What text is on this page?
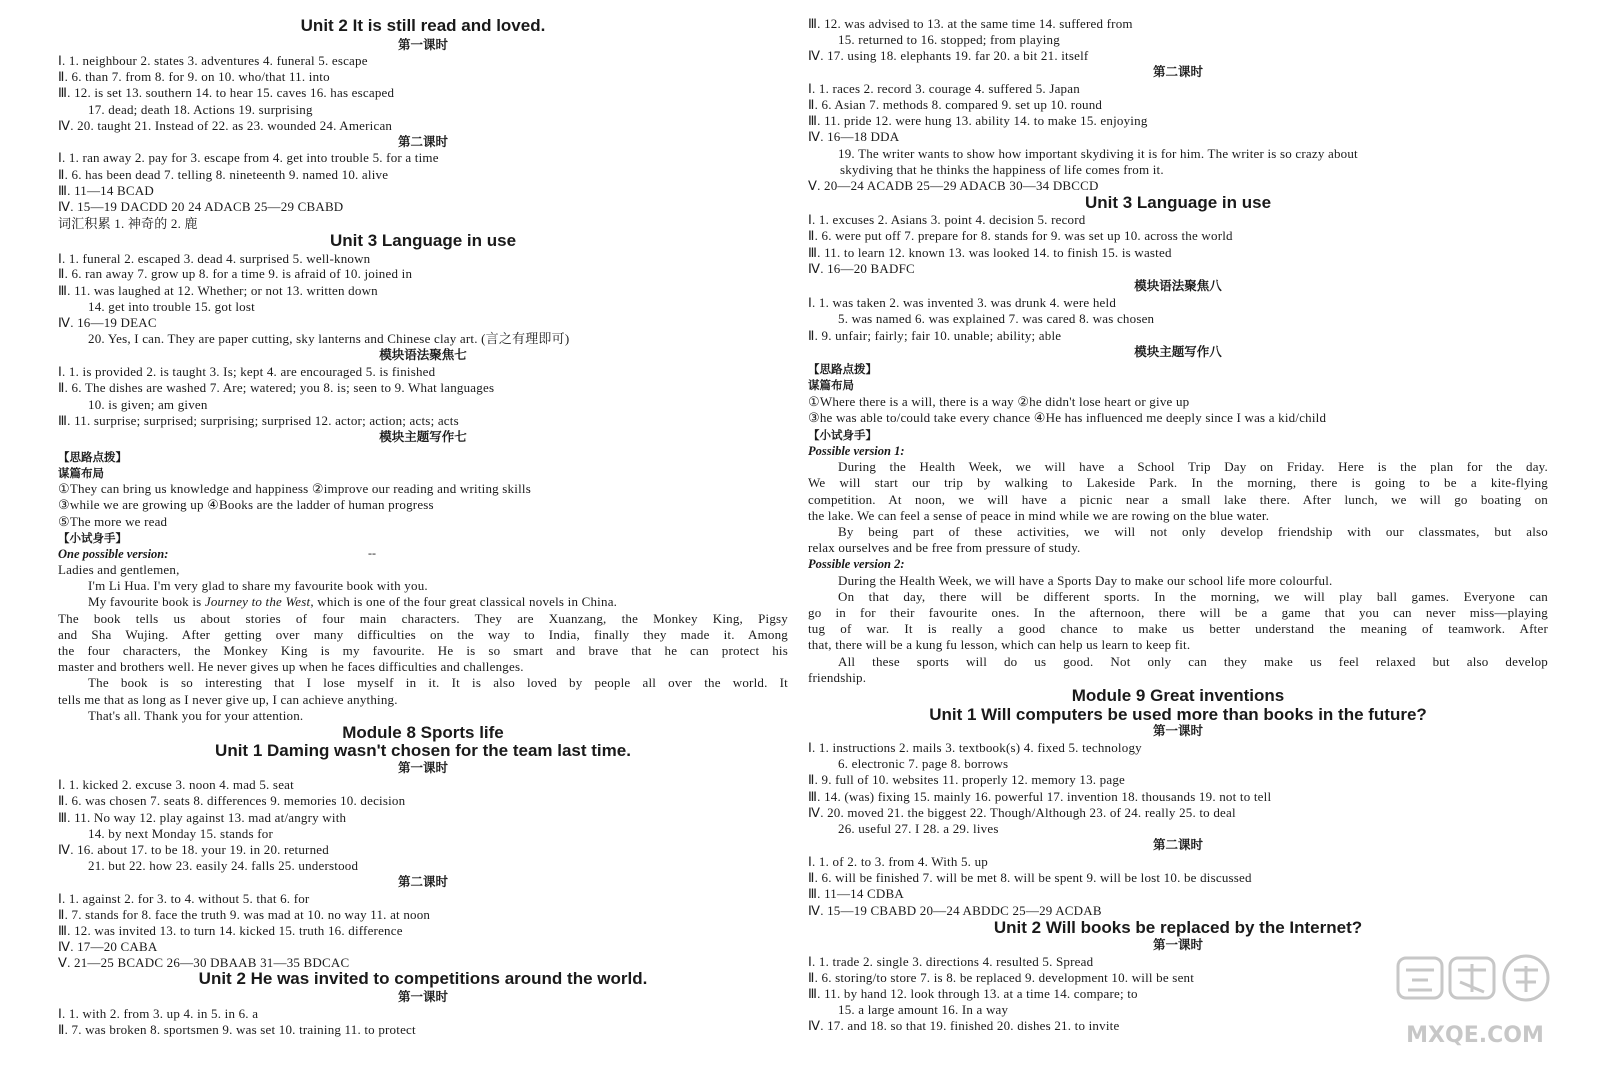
Unit 2 It is still read and loved.
第一课时
Ⅰ. 1. neighbour 2. states 3. adventures 4. funeral 5. escape
Ⅱ. 6. than 7. from 8. for 9. on 10. who/that 11. into
Ⅲ. 12. is set 13. southern 14. to hear 15. caves 16. has escaped
17. dead; death 18. Actions 19. surprising
Ⅳ. 20. taught 21. Instead of 22. as 23. wounded 24. American
第二课时
Ⅰ. 1. ran away 2. pay for 3. escape from 4. get into trouble 5. for a time
Ⅱ. 6. has been dead 7. telling 8. nineteenth 9. named 10. alive
Ⅲ. 11—14 BCAD
Ⅳ. 15—19 DACDD 20 24 ADACB 25—29 CBABD
词汇积累 1. 神奇的 2. 鹿
Unit 3 Language in use
Ⅰ. 1. funeral 2. escaped 3. dead 4. surprised 5. well-known
Ⅱ. 6. ran away 7. grow up 8. for a time 9. is afraid of 10. joined in
Ⅲ. 11. was laughed at 12. Whether; or not 13. written down
14. get into trouble 15. got lost
Ⅳ. 16—19 DEAC
20. Yes, I can. They are paper cutting, sky lanterns and Chinese clay art. (言之有理即可)
模块语法聚焦七
Ⅰ. 1. is provided 2. is taught 3. Is; kept 4. are encouraged 5. is finished
Ⅱ. 6. The dishes are washed 7. Are; watered; you 8. is; seen to 9. What languages
10. is given; am given
Ⅲ. 11. surprise; surprised; surprising; surprised 12. actor; action; acts; acts
模块主题写作七
【思路点拨】
谋篇布局
①They can bring us knowledge and happiness ②improve our reading and writing skills
③while we are growing up ④Books are the ladder of human progress
⑤The more we read
【小试身手】
One possible version:	--
Ladies and gentlemen,
I'm Li Hua. I'm very glad to share my favourite book with you.
My favourite book is Journey to the West, which is one of the four great classical novels in China.
The book tells us about stories of four main characters. They are Xuanzang, the Monkey King, Pigsy
and Sha Wujing. After getting over many difficulties on the way to India, finally they made it. Among
the four characters, the Monkey King is my favourite. He is so smart and brave that he can protect his
master and brothers well. He never gives up when he faces difficulties and challenges.
The book is so interesting that I lose myself in it. It is also loved by people all over the world. It
tells me that as long as I never give up, I can achieve anything.
That's all. Thank you for your attention.
Module 8 Sports life
Unit 1 Daming wasn't chosen for the team last time.
第一课时
Ⅰ. 1. kicked 2. excuse 3. noon 4. mad 5. seat
Ⅱ. 6. was chosen 7. seats 8. differences 9. memories 10. decision
Ⅲ. 11. No way 12. play against 13. mad at/angry with
14. by next Monday 15. stands for
Ⅳ. 16. about 17. to be 18. your 19. in 20. returned
21. but 22. how 23. easily 24. falls 25. understood
第二课时
Ⅰ. 1. against 2. for 3. to 4. without 5. that 6. for
Ⅱ. 7. stands for 8. face the truth 9. was mad at 10. no way 11. at noon
Ⅲ. 12. was invited 13. to turn 14. kicked 15. truth 16. difference
Ⅳ. 17—20 CABA
Ⅴ. 21—25 BCADC 26—30 DBAAB 31—35 BDCAC
Unit 2 He was invited to competitions around the world.
第一课时
Ⅰ. 1. with 2. from 3. up 4. in 5. in 6. a
Ⅱ. 7. was broken 8. sportsmen 9. was set 10. training 11. to protect
Ⅲ. 12. was advised to 13. at the same time 14. suffered from
15. returned to 16. stopped; from playing
Ⅳ. 17. using 18. elephants 19. far 20. a bit 21. itself
第二课时
Ⅰ. 1. races 2. record 3. courage 4. suffered 5. Japan
Ⅱ. 6. Asian 7. methods 8. compared 9. set up 10. round
Ⅲ. 11. pride 12. were hung 13. ability 14. to make 15. enjoying
Ⅳ. 16—18 DDA
19. The writer wants to show how important skydiving it is for him. The writer is so crazy about
skydiving that he thinks the happiness of life comes from it.
Ⅴ. 20—24 ACADB 25—29 ADACB 30—34 DBCCD
Unit 3 Language in use
Ⅰ. 1. excuses 2. Asians 3. point 4. decision 5. record
Ⅱ. 6. were put off 7. prepare for 8. stands for 9. was set up 10. across the world
Ⅲ. 11. to learn 12. known 13. was looked 14. to finish 15. is wasted
Ⅳ. 16—20 BADFC
模块语法聚焦八
Ⅰ. 1. was taken 2. was invented 3. was drunk 4. were held
5. was named 6. was explained 7. was cared 8. was chosen
Ⅱ. 9. unfair; fairly; fair 10. unable; ability; able
模块主题写作八
【思路点拨】
谋篇布局
①Where there is a will, there is a way ②he didn't lose heart or give up
③he was able to/could take every chance ④He has influenced me deeply since I was a kid/child
【小试身手】
Possible version 1:
During the Health Week, we will have a School Trip Day on Friday. Here is the plan for the day.
We will start our trip by walking to Lakeside Park. In the morning, there is going to be a kite-flying
competition. At noon, we will have a picnic near a small lake there. After lunch, we will go boating on
the lake. We can feel a sense of peace in mind while we are rowing on the blue water.
By being part of these activities, we will not only develop friendship with our classmates, but also
relax ourselves and be free from pressure of study.
Possible version 2:
During the Health Week, we will have a Sports Day to make our school life more colourful.
On that day, there will be different sports. In the morning, we will play ball games. Everyone can
go in for their favourite ones. In the afternoon, there will be a game that you can never miss—playing
tug of war. It is really a good chance to make us better understand the meaning of teamwork. After
that, there will be a kung fu lesson, which can help us learn to keep fit.
All these sports will do us good. Not only can they make us feel relaxed but also develop
friendship.
Module 9 Great inventions
Unit 1 Will computers be used more than books in the future?
第一课时
Ⅰ. 1. instructions 2. mails 3. textbook(s) 4. fixed 5. technology
6. electronic 7. page 8. borrows
Ⅱ. 9. full of 10. websites 11. properly 12. memory 13. page
Ⅲ. 14. (was) fixing 15. mainly 16. powerful 17. invention 18. thousands 19. not to tell
Ⅳ. 20. moved 21. the biggest 22. Though/Although 23. of 24. really 25. to deal
26. useful 27. I 28. a 29. lives
第二课时
Ⅰ. 1. of 2. to 3. from 4. With 5. up
Ⅱ. 6. will be finished 7. will be met 8. will be spent 9. will be lost 10. be discussed
Ⅲ. 11—14 CDBA
Ⅳ. 15—19 CBABD 20—24 ABDDC 25—29 ACDAB
Unit 2 Will books be replaced by the Internet?
第一课时
Ⅰ. 1. trade 2. single 3. directions 4. resulted 5. Spread
Ⅱ. 6. storing/to store 7. is 8. be replaced 9. development 10. will be sent
Ⅲ. 11. by hand 12. look through 13. at a time 14. compare; to
15. a large amount 16. In a way
Ⅳ. 17. and 18. so that 19. finished 20. dishes 21. to invite	MXQE.COM
